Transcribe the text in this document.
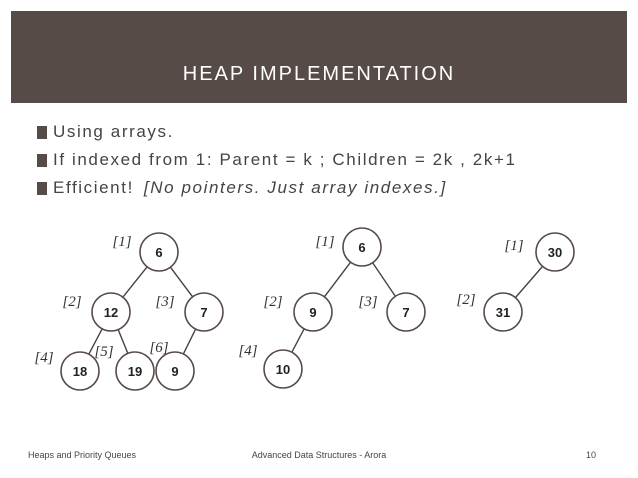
HEAP IMPLEMENTATION
Using arrays.
If indexed from 1: Parent = k ; Children = 2k , 2k+1
Efficient! [No pointers. Just array indexes.]
6
[1]
12
[2]
7
[3]
18
[4]
19
[5]
9
[6]
6
[1]
9
[2]
7
[3]
10
[4]
30
[1]
31
[2]
Heaps and Priority Queues	Advanced Data Structures - Arora	10
